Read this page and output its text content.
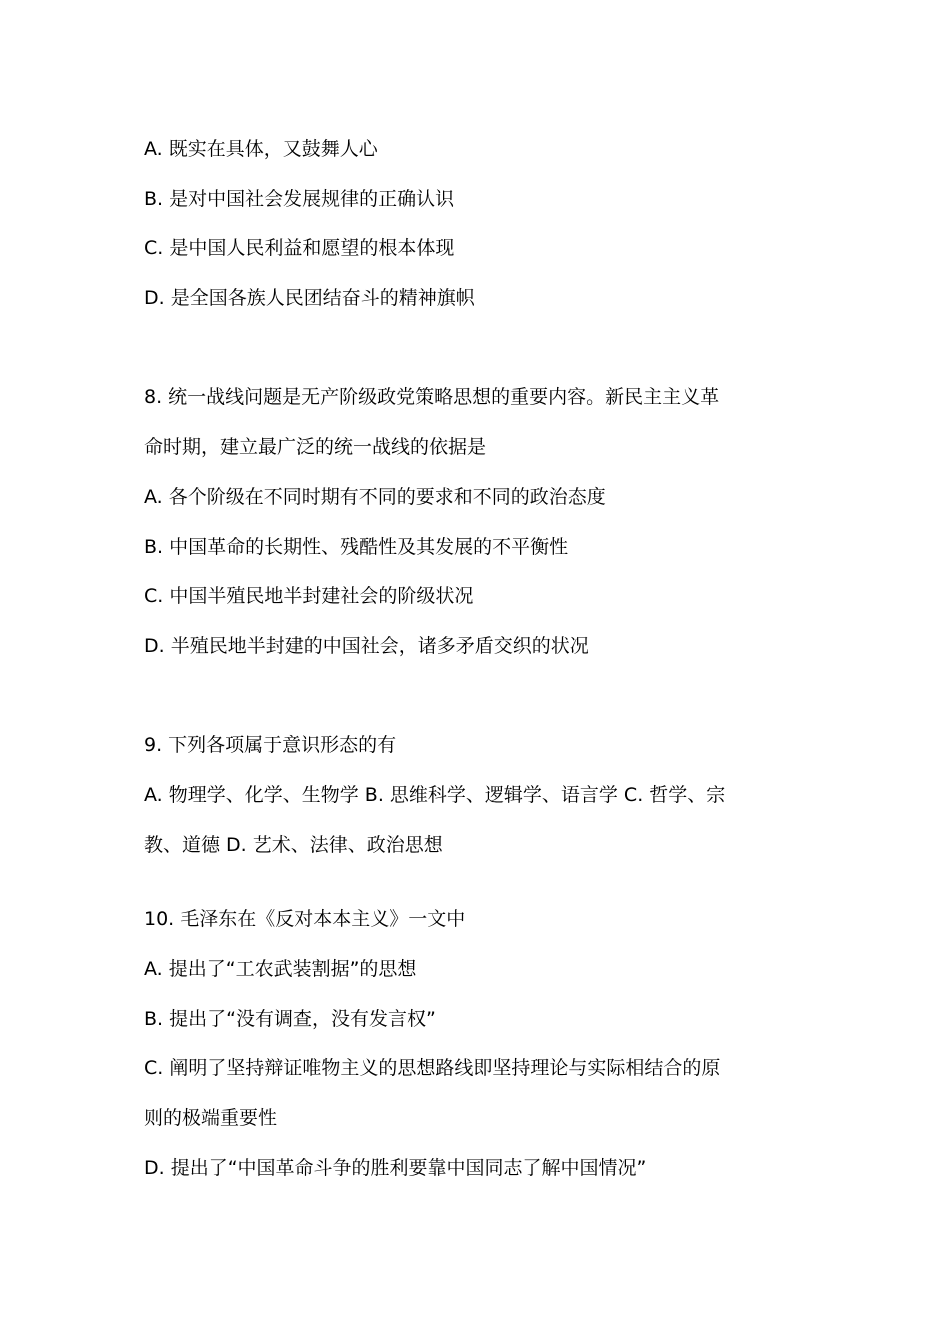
A. 既实在具体，又鼓舞人心
B. 是对中国社会发展规律的正确认识
C. 是中国人民利益和愿望的根本体现
D. 是全国各族人民团结奋斗的精神旗帜
8. 统一战线问题是无产阶级政党策略思想的重要内容。新民主主义革
命时期，建立最广泛的统一战线的依据是
A. 各个阶级在不同时期有不同的要求和不同的政治态度
B. 中国革命的长期性、残酷性及其发展的不平衡性
C. 中国半殖民地半封建社会的阶级状况
D. 半殖民地半封建的中国社会，诸多矛盾交织的状况
9. 下列各项属于意识形态的有
A. 物理学、化学、生物学 B. 思维科学、逻辑学、语言学 C. 哲学、宗
教、道德 D. 艺术、法律、政治思想
10. 毛泽东在《反对本本主义》一文中
A. 提出了“工农武装割据”的思想
B. 提出了“没有调查，没有发言权”
C. 阐明了坚持辩证唯物主义的思想路线即坚持理论与实际相结合的原
则的极端重要性
D. 提出了“中国革命斗争的胜利要靠中国同志了解中国情况”
